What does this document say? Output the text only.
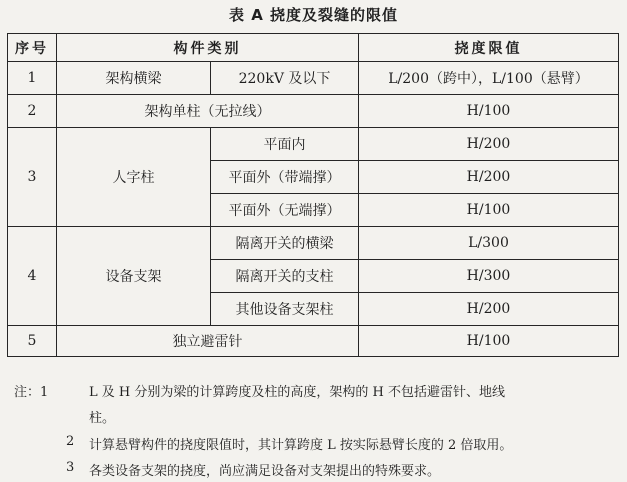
表 A 挠度及裂缝的限值
序号	构件类别		挠度限值
1	架构横梁	220kV 及以下	L/200（跨中），L/100（悬臂）
2	架构单柱（无拉线）		H/100
3	人字柱	平面内	H/200
		平面外（带端撑）	H/200
		平面外（无端撑）	H/100
4	设备支架	隔离开关的横梁	L/300
		隔离开关的支柱	H/300
		其他设备支架柱	H/200
5	独立避雷针		H/100
注：1	L 及 H 分别为梁的计算跨度及柱的高度，架构的 H 不包括避雷针、地线
柱。
2 计算悬臂构件的挠度限值时，其计算跨度 L 按实际悬臂长度的 2 倍取用。
3 各类设备支架的挠度，尚应满足设备对支架提出的特殊要求。
